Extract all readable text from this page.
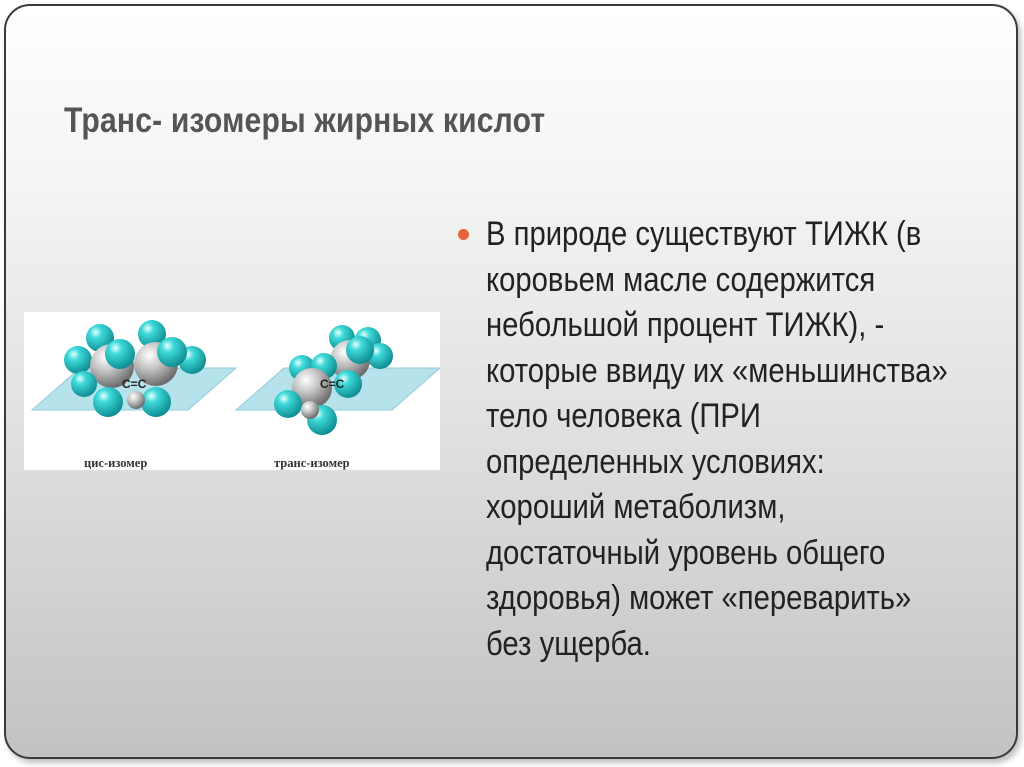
Транс- изомеры жирных кислот
C=C
цис-изомер
C=C
транс-изомер
В природе существуют ТИЖК (в
коровьем масле содержится
небольшой процент ТИЖК), -
которые ввиду их «меньшинства»
тело человека (ПРИ
определенных условиях:
хороший метаболизм,
достаточный уровень общего
здоровья) может «переварить»
без ущерба.
